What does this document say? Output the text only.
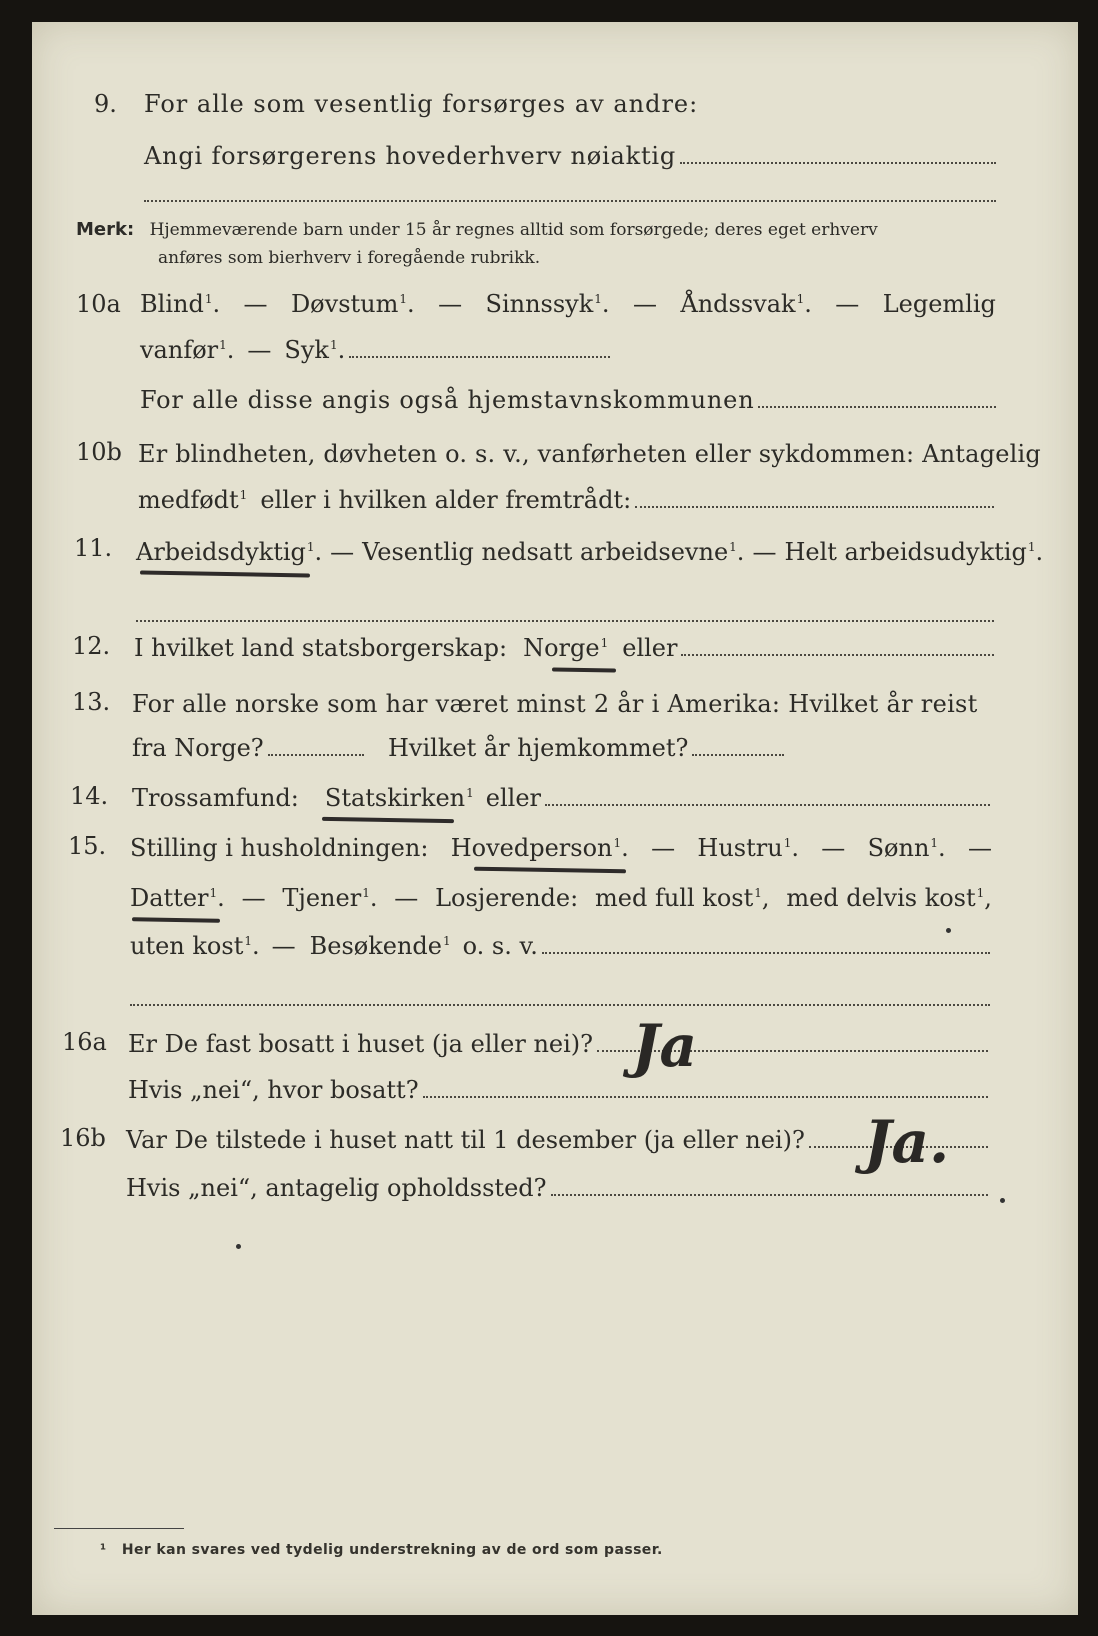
9. For alle som vesentlig forsørges av andre:
Angi forsørgerens hovederhverv nøiaktig
Merk: Hjemmeværende barn under 15 år regnes alltid som forsørgede; deres eget erhverv
anføres som bierhverv i foregående rubrikk.
10a Blind$^1$. — Døvstum$^1$. — Sinnssyk$^1$. — Åndssvak$^1$. — Legemlig
vanfør$^1$. — Syk$^1$.
For alle disse angis også hjemstavnskommunen
10b Er blindheten, døvheten o. s. v., vanførheten eller sykdommen: Antagelig
medfødt$^1$ eller i hvilken alder fremtrådt:
11. Arbeidsdyktig$^1$. — Vesentlig nedsatt arbeidsevne$^1$. — Helt arbeidsudyktig$^1$.
12. I hvilket land statsborgerskap: Norge$^1$ eller
13. For alle norske som har været minst 2 år i Amerika: Hvilket år reist
fra Norge?	Hvilket år hjemkommet?
14. Trossamfund: Statskirken$^1$ eller
15. Stilling i husholdningen: Hovedperson$^1$. — Hustru$^1$. — Sønn$^1$. —
Datter$^1$. — Tjener$^1$. — Losjerende: med full kost$^1$, med delvis kost$^1$,
uten kost$^1$. — Besøkende$^1$ o. s. v.
16a Er De fast bosatt i huset (ja eller nei)? Ja
Hvis „nei“, hvor bosatt?
16b Var De tilstede i huset natt til 1 desember (ja eller nei)? Ja.
Hvis „nei“, antagelig opholdssted?
¹ Her kan svares ved tydelig understrekning av de ord som passer.
